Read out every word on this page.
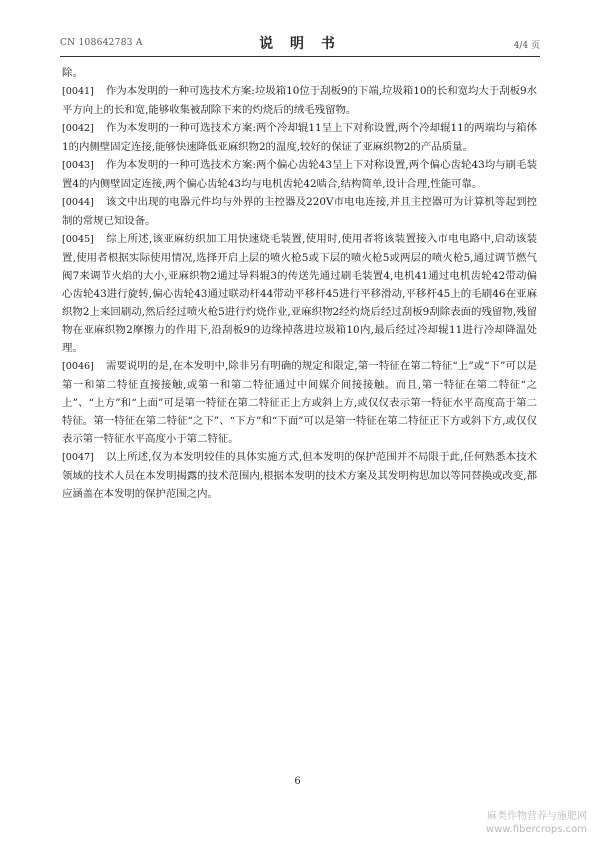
CN 108642783 A	说 明 书	4/4 页

除。

[0041] 作为本发明的一种可选技术方案:垃圾箱10位于刮板9的下端,垃圾箱10的长和宽均大于刮板9水平方向上的长和宽,能够收集被刮除下来的灼烧后的绒毛残留物。

[0042] 作为本发明的一种可选技术方案:两个冷却辊11呈上下对称设置,两个冷却辊11的两端均与箱体1的内侧壁固定连接,能够快速降低亚麻织物2的温度,较好的保证了亚麻织物2的产品质量。

[0043] 作为本发明的一种可选技术方案:两个偏心齿轮43呈上下对称设置,两个偏心齿轮43均与刷毛装置4的内侧壁固定连接,两个偏心齿轮43均与电机齿轮42啮合,结构简单,设计合理,性能可靠。

[0044] 该文中出现的电器元件均与外界的主控器及220V市电电连接,并且主控器可为计算机等起到控制的常规已知设备。

[0045] 综上所述,该亚麻纺织加工用快速烧毛装置,使用时,使用者将该装置接入市电电路中,启动该装置,使用者根据实际使用情况,选择开启上层的喷火枪5或下层的喷火枪5或两层的喷火枪5,通过调节燃气阀7来调节火焰的大小,亚麻织物2通过导料辊3的传送先通过刷毛装置4,电机41通过电机齿轮42带动偏心齿轮43进行旋转,偏心齿轮43通过联动杆44带动平移杆45进行平移滑动,平移杆45上的毛刷46在亚麻织物2上来回刷动,然后经过喷火枪5进行灼烧作业,亚麻织物2经灼烧后经过刮板9刮除表面的残留物,残留物在亚麻织物2摩擦力的作用下,沿刮板9的边缘掉落进垃圾箱10内,最后经过冷却辊11进行冷却降温处理。

[0046] 需要说明的是,在本发明中,除非另有明确的规定和限定,第一特征在第二特征“上”或“下”可以是第一和第二特征直接接触,或第一和第二特征通过中间媒介间接接触。而且,第一特征在第二特征“之上”、“上方”和“上面”可是第一特征在第二特征正上方或斜上方,或仅仅表示第一特征水平高度高于第二特征。第一特征在第二特征“之下”、“下方”和“下面”可以是第一特征在第二特征正下方或斜下方,或仅仅表示第一特征水平高度小于第二特征。

[0047] 以上所述,仅为本发明较佳的具体实施方式,但本发明的保护范围并不局限于此,任何熟悉本技术领域的技术人员在本发明揭露的技术范围内,根据本发明的技术方案及其发明构思加以等同替换或改变,都应涵盖在本发明的保护范围之内。

6
麻类作物营养与施肥网
www.fibercrops.com
